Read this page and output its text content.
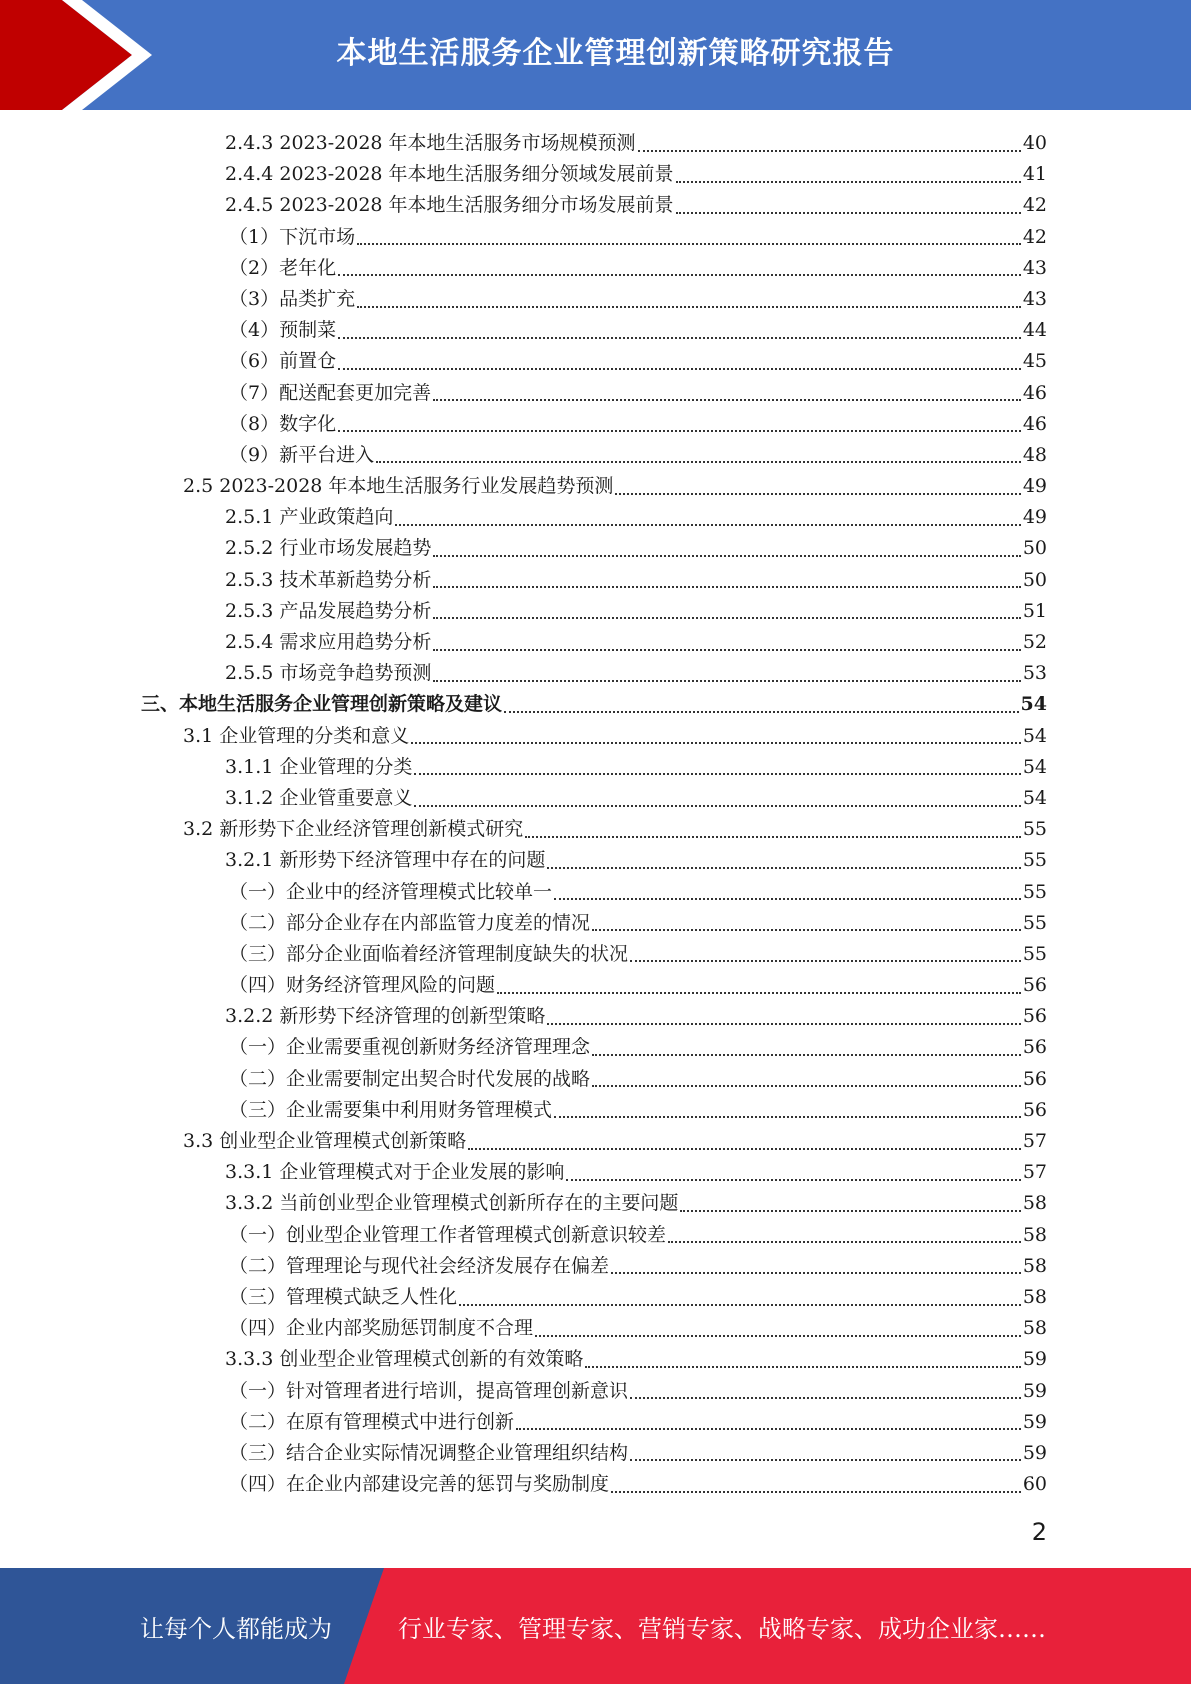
本地生活服务企业管理创新策略研究报告
2.4.3 2023-2028 年本地生活服务市场规模预测	40
2.4.4 2023-2028 年本地生活服务细分领域发展前景	41
2.4.5 2023-2028 年本地生活服务细分市场发展前景	42
（1）下沉市场	42
（2）老年化	43
（3）品类扩充	43
（4）预制菜	44
（6）前置仓	45
（7）配送配套更加完善	46
（8）数字化	46
（9）新平台进入	48
2.5 2023-2028 年本地生活服务行业发展趋势预测	49
2.5.1 产业政策趋向	49
2.5.2 行业市场发展趋势	50
2.5.3 技术革新趋势分析	50
2.5.3 产品发展趋势分析	51
2.5.4 需求应用趋势分析	52
2.5.5 市场竞争趋势预测	53
三、本地生活服务企业管理创新策略及建议	54
3.1 企业管理的分类和意义	54
3.1.1 企业管理的分类	54
3.1.2 企业管重要意义	54
3.2 新形势下企业经济管理创新模式研究	55
3.2.1 新形势下经济管理中存在的问题	55
（一）企业中的经济管理模式比较单一	55
（二）部分企业存在内部监管力度差的情况	55
（三）部分企业面临着经济管理制度缺失的状况	55
（四）财务经济管理风险的问题	56
3.2.2 新形势下经济管理的创新型策略	56
（一）企业需要重视创新财务经济管理理念	56
（二）企业需要制定出契合时代发展的战略	56
（三）企业需要集中利用财务管理模式	56
3.3 创业型企业管理模式创新策略	57
3.3.1 企业管理模式对于企业发展的影响	57
3.3.2 当前创业型企业管理模式创新所存在的主要问题	58
（一）创业型企业管理工作者管理模式创新意识较差	58
（二）管理理论与现代社会经济发展存在偏差	58
（三）管理模式缺乏人性化	58
（四）企业内部奖励惩罚制度不合理	58
3.3.3 创业型企业管理模式创新的有效策略	59
（一）针对管理者进行培训，提高管理创新意识	59
（二）在原有管理模式中进行创新	59
（三）结合企业实际情况调整企业管理组织结构	59
（四）在企业内部建设完善的惩罚与奖励制度	60
2
让每个人都能成为	行业专家、管理专家、营销专家、战略专家、成功企业家……
